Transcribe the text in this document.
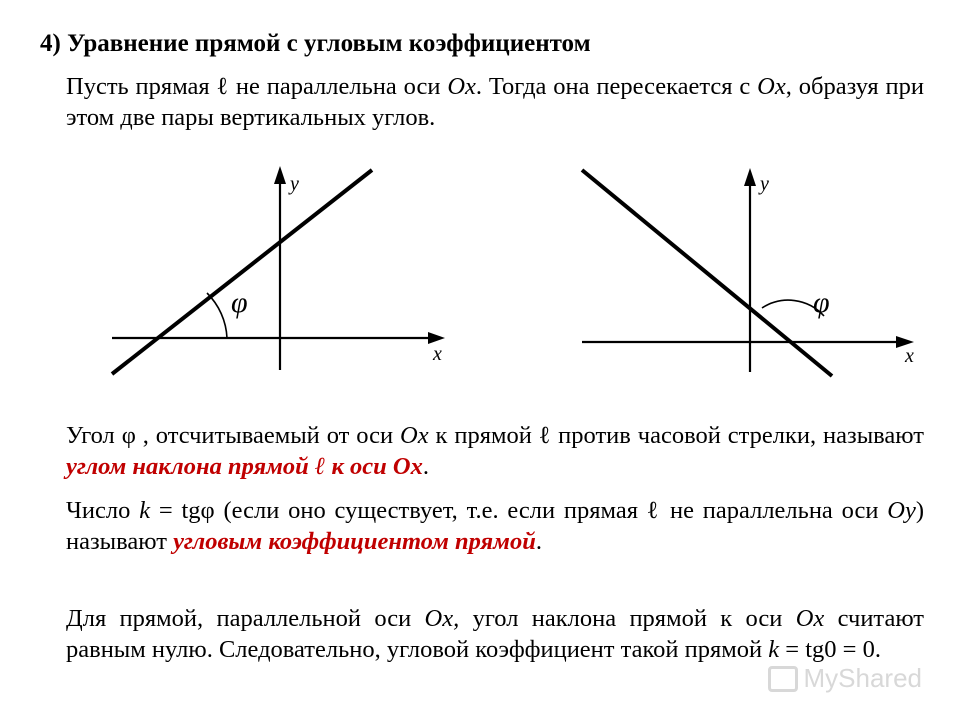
4) Уравнение прямой с угловым коэффициентом

Пусть прямая ℓ не параллельна оси Ox. Тогда она пересекается с Ox, образуя при этом две пары вертикальных углов.

y
x
φ
y
x
φ

Угол φ , отсчитываемый от оси Ox к прямой ℓ против часовой стрелки, называют углом наклона прямой ℓ к оси Ox.

Число k = tgφ (если оно существует, т.е. если прямая ℓ не параллельна оси Oy) называют угловым коэффициентом прямой.

Для прямой, параллельной оси Ox, угол наклона прямой к оси Ox считают равным нулю. Следовательно, угловой коэффициент такой прямой k = tg0 = 0.

MyShared
